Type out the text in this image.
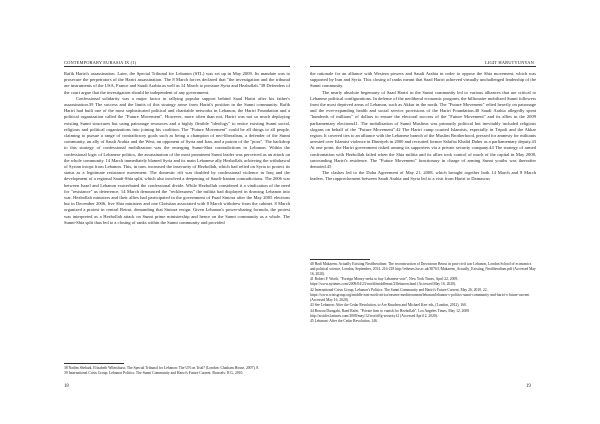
CONTEMPORARY EURASIA IX (1)

Rafik Hariri's assassination. Later, the Special Tribunal for Lebanon (STL) was set up in May 2009. Its mandate was to prosecute the perpetrators of the Hariri assassination. The 8 March forces declared that "the investigation and the tribunal are instruments of the USA, France and Saudi Arabia as well as 14 March to pressure Syria and Hezbollah."38 Defenders of the court argue that the investigation should be independent of any government.

Confessional solidarity was a major factor in rallying popular support behind Saad Hariri after his father's assassination.39 The success and the limits of this strategy arose from Hariri's position in the Sunni community. Rafik Hariri had built one of the most sophisticated political and charitable networks in Lebanon, the Hariri Foundation and a political organization called the "Future Movement". However, more often than not, Hariri was not so much deploying existing Sunni structures but using patronage resources and a highly flexible "ideology" to entice existing Sunni social, religious and political organizations into joining his coalition. The "Future Movement" could be all things to all people, claiming to pursue a range of contradictory goals such as being a champion of neo-liberalism, a defender of the Sunni community, an ally of Saudi Arabia and the West, an opponent of Syria and Iran, and a patron of the "poor". The backdrop to this strategy of confessional mobilization was the emerging Sunni-Shia contradictions in Lebanon. Within the confessional logic of Lebanese politics, the assassination of the most prominent Sunni leader was perceived as an attack on the whole community. 14 March immediately blamed Syria and its main Lebanese ally Hezbollah, achieving the withdrawal of Syrian troops from Lebanon. This, in turn, increased the insecurity of Hezbollah, which had relied on Syria to protect its status as a legitimate resistance movement. The domestic rift was doubled by confessional violence in Iraq and the development of a regional Saudi-Shia split, which also involved a deepening of Saudi-Iranian contradictions. The 2006 war between Israel and Lebanon exacerbated the confessional divide. While Hezbollah considered it a vindication of the need for "resistance" as deterrence, 14 March denounced the "recklessness" the militia had displayed in drawing Lebanon into war. Hezbollah ministers and their allies had participated in the government of Fuad Siniora after the May 2005 elections but in December 2006, five Shia ministers and one Christian associated with 8 March withdrew from the cabinet. 8 March organized a protest in central Beirut, demanding that Siniora resign. Given Lebanon's power-sharing formula, the protest was interpreted as a Hezbollah attack on Sunni prime ministership and hence on the Sunni community as a whole. The Sunni-Shia split thus led to a closing of ranks within the Sunni community and provided

38 Nadim Shehadi, Elizabeth Wilmshurst, The Special Tribunal for Lebanon: The UN on Trial? (London: Chatham House, 2007), 8.
39 International Crisis Group. Lebanon Politics: The Sunni Community and Hariri's Future Current. Brussels: ICG, 2010.
18
LIGIT HARUTYUNYAN

the rationale for an alliance with Western powers and Saudi Arabia in order to oppose the Shia movement, which was supported by Iran and Syria. This closing of ranks meant that Saad Hariri achieved virtually unchallenged leadership of the Sunni community.

The nearly absolute hegemony of Saad Hariri in the Sunni community led to various alliances that are critical to Lebanese political configurations. In defense of the neoliberal economic program, the billionaire mobilized Sunni followers from the most deprived areas of Lebanon, such as Akkar in the north. The "Future Movement" relied heavily on patronage and the ever-expanding health and social service provisions of the Hariri Foundation.40 Saudi Arabia allegedly spent "hundreds of millions" of dollars to ensure the electoral success of the "Future Movement" and its allies in the 2009 parliamentary elections41. The mobilization of Sunni Muslims was primarily political but inevitably included religious slogans on behalf of the "Future Movement".42 The Hariri camp courted Islamists, especially in Tripoli and the Akkar region. It covered ties to an alliance with the Lebanese branch of the Muslim Brotherhood, pressed for amnesty for militants arrested over Islamist violence in Dinniyeh in 2000 and recruited former Salafist Khalid Daher as a parliamentary deputy.43 At one point, the Hariri government risked arming its supporters via a private security company.44 The strategy of armed confrontation with Hezbollah failed when the Shia militia and its allies took control of much of the capital in May 2008, surrounding Hariri's residence. The "Future Movement" functionary in charge of arming Sunni youths was thereafter demoted.45

The clashes led to the Doha Agreement of May 21, 2008, which brought together both 14 March and 8 March leaders. The rapprochement between Saudi Arabia and Syria led to a visit from Hariri to Damascus

40 Hadi Makarem, Actually Existing Neoliberalism: The reconstruction of Downtown Beirut in post-civil war Lebanon, London School of economics and political science, London, September, 2014, 216-218 http://etheses.lse.ac.uk/3076/1/Makarem_Actually_Existing_Neoliberalism.pdf (Accessed May 16, 2020).
41 Robert F. Worth, "Foreign Money seeks to buy Lebanese vote", New York Times, April 22, 2009, https://www.nytimes.com/2009/04/23/world/middleeast/23lebanon.html (Accessed May 16, 2020).
42 International Crisis Group, Lebanon's Politics: The Sunni Community and Hariri's Future Current, May 26, 2010, 22, https://www.crisisgroup.org/middle-east-north-africa/eastern-mediterranean/lebanon/lebanon-s-politics-sunni-community-and-hariri-s-future-current (Accessed May 16, 2020).
43 See Lebanon: After the Cedar Revolution, to Are Knudsen and Michael Kerr eds, (London, 2012), 160.
44 Borzou Daragahi, Raed Rafei, "Private firm to vanish for Hezbollah", Los Angeles Times, May 12, 2008 http://articles.latimes.com/2008/may/12/world/fg-security12 (Accessed April 2, 2020).
45 Lebanon: After the Cedar Revolution, 146.
19
